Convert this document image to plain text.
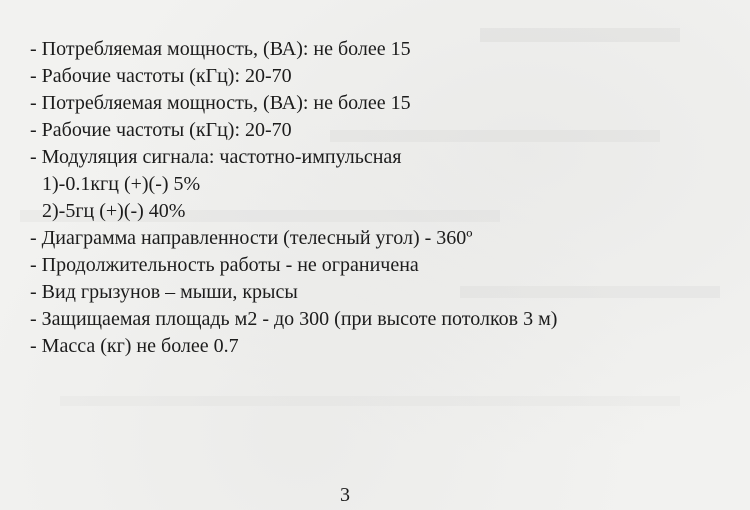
- Потребляемая мощность, (ВА): не более 15
- Рабочие частоты (кГц): 20-70
- Потребляемая мощность, (ВА): не более 15
- Рабочие частоты (кГц): 20-70
- Модуляция сигнала: частотно-импульсная
1)-0.1кгц (+)(-) 5%
2)-5гц (+)(-) 40%
- Диаграмма направленности (телесный угол) - 360º
- Продолжительность работы - не ограничена
- Вид грызунов – мыши, крысы
- Защищаемая площадь м2 - до 300 (при высоте потолков 3 м)
- Масса (кг) не более 0.7
3
